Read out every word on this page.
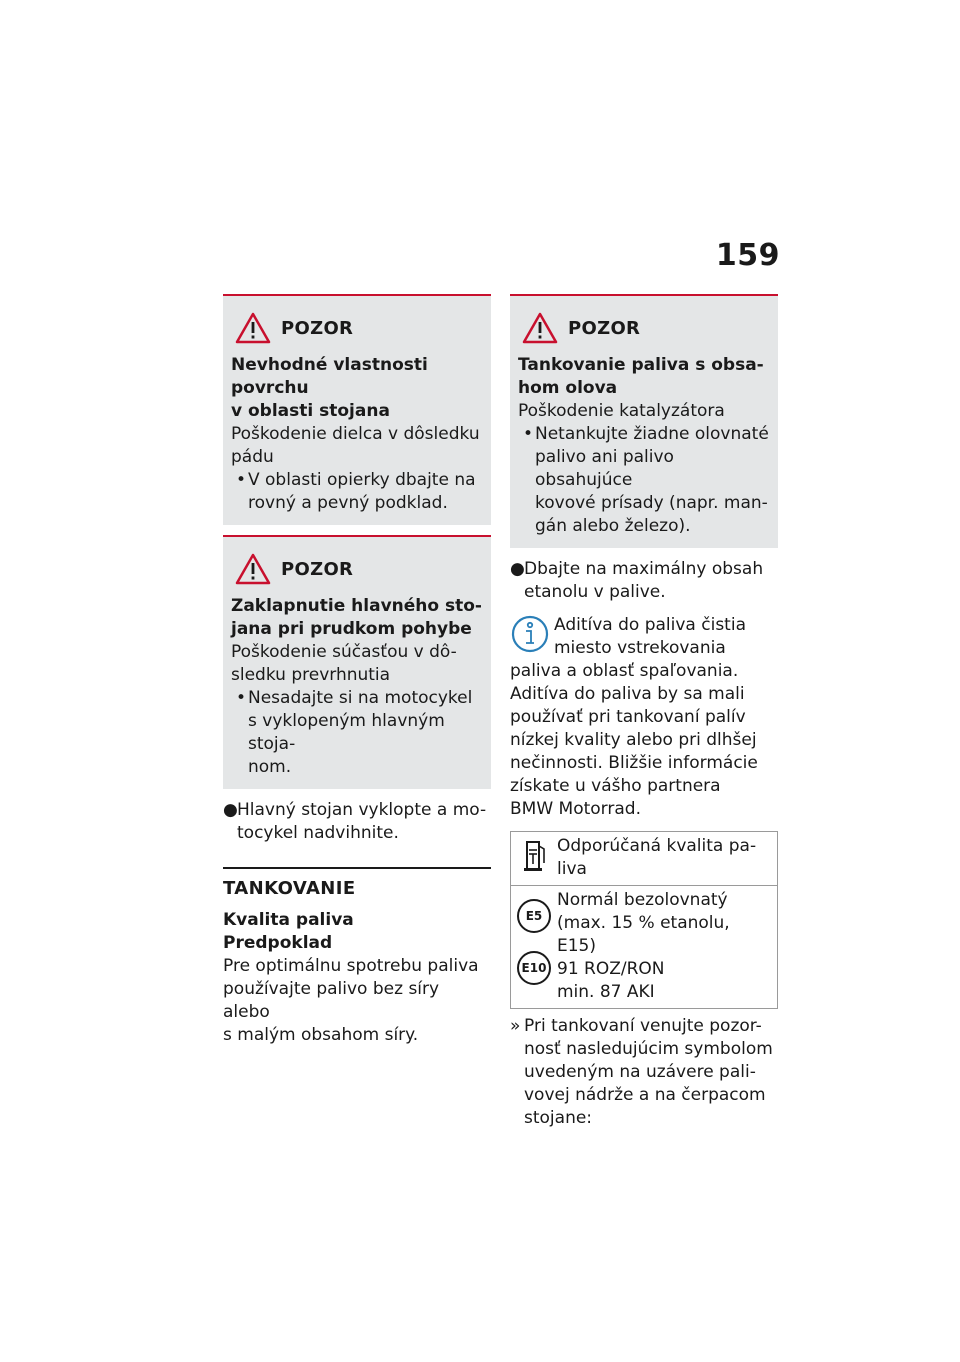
159
POZOR
Nevhodné vlastnosti povrchu
v oblasti stojana
Poškodenie dielca v dôsledku
pádu
• V oblasti opierky dbajte na
rovný a pevný podklad.
POZOR
Zaklapnutie hlavného sto-
jana pri prudkom pohybe
Poškodenie súčasťou v dô-
sledku prevrhnutia
• Nesadajte si na motocykel
s vyklopeným hlavným stoja-
nom.
●Hlavný stojan vyklopte a mo-
tocykel nadvihnite.
TANKOVANIE
Kvalita paliva
Predpoklad
Pre optimálnu spotrebu paliva
používajte palivo bez síry alebo
s malým obsahom síry.
POZOR
Tankovanie paliva s obsa-
hom olova
Poškodenie katalyzátora
• Netankujte žiadne olovnaté
palivo ani palivo obsahujúce
kovové prísady (napr. man-
gán alebo železo).
●Dbajte na maximálny obsah
etanolu v palive.
Aditíva do paliva čistia
miesto vstrekovania
paliva a oblasť spaľovania.
Aditíva do paliva by sa mali
používať pri tankovaní palív
nízkej kvality alebo pri dlhšej
nečinnosti. Bližšie informácie
získate u vášho partnera
BMW Motorrad.
Odporúčaná kvalita pa-
liva
E5
E10
Normál bezolovnatý
(max. 15 % etanolu,
E15)
91 ROZ/RON
min. 87 AKI
» Pri tankovaní venujte pozor-
nosť nasledujúcim symbolom
uvedeným na uzávere pali-
vovej nádrže a na čerpacom
stojane:
